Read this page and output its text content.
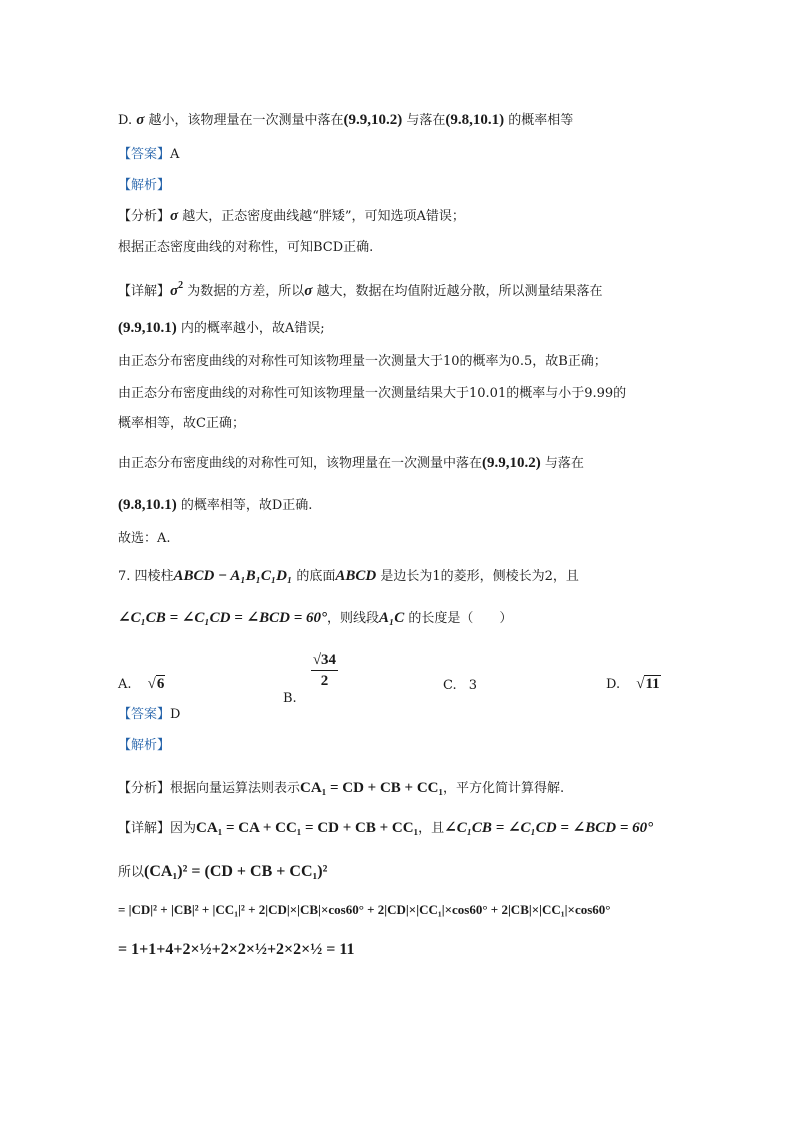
D. σ 越小，该物理量在一次测量中落在(9.9,10.2) 与落在(9.8,10.1) 的概率相等
【答案】A
【解析】
【分析】σ 越大，正态密度曲线越“胖矮”，可知选项A错误；
根据正态密度曲线的对称性，可知BCD正确.
【详解】$\sigma^2$ 为数据的方差，所以σ 越大，数据在均值附近越分散，所以测量结果落在
(9.9,10.1) 内的概率越小，故A错误;
由正态分布密度曲线的对称性可知该物理量一次测量大于10的概率为0.5，故B正确；
由正态分布密度曲线的对称性可知该物理量一次测量结果大于10.01的概率与小于9.99的
概率相等，故C正确；
由正态分布密度曲线的对称性可知，该物理量在一次测量中落在(9.9,10.2) 与落在
(9.8,10.1) 的概率相等，故D正确.
故选：A.
7. 四棱柱ABCD − A₁B₁C₁D₁ 的底面ABCD 是边长为1的菱形，侧棱长为2，且
∠C₁CB = ∠C₁CD = ∠BCD = 60°，则线段A₁C 的长度是（　　）
A. √6
B.
$\frac{√34}{2}$	C. 3	D. √11
【答案】D
【解析】
【分析】根据向量运算法则表示CA₁ = CD + CB + CC₁，平方化简计算得解.
【详解】因为CA₁ = CA + CC₁ = CD + CB + CC₁，且∠C₁CB = ∠C₁CD = ∠BCD = 60°
所以(CA₁)² = (CD + CB + CC₁)²
= |CD|² + |CB|² + |CC₁|² + 2|CD|×|CB|×cos60° + 2|CD|×|CC₁|×cos60° + 2|CB|×|CC₁|×cos60°
= 1+1+4+2×½+2×2×½+2×2×½ = 11
